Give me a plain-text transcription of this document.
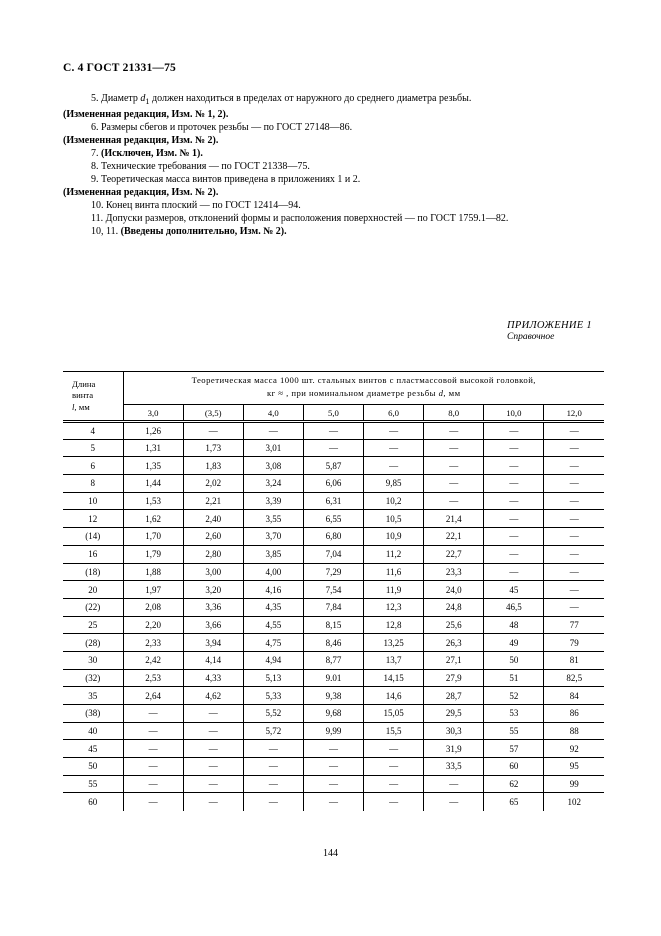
С. 4 ГОСТ 21331—75
5. Диаметр $d_1$ должен находиться в пределах от наружного до среднего диаметра резьбы.
(Измененная редакция, Изм. № 1, 2).
6. Размеры сбегов и проточек резьбы — по ГОСТ 27148—86.
(Измененная редакция, Изм. № 2).
7. (Исключен, Изм. № 1).
8. Технические требования — по ГОСТ 21338—75.
9. Теоретическая масса винтов приведена в приложениях 1 и 2.
(Измененная редакция, Изм. № 2).
10. Конец винта плоский — по ГОСТ 12414—94.
11. Допуски размеров, отклонений формы и расположения поверхностей — по ГОСТ 1759.1—82.
10, 11. (Введены дополнительно, Изм. № 2).
ПРИЛОЖЕНИЕ 1
Справочное
Длина
винта
l, мм

Теоретическая масса 1000 шт. стальных винтов с пластмассовой высокой головкой,
кг ≈ , при номинальном диаметре резьбы d, мм

	3,0	(3,5)	4,0	5,0	6,0	8,0	10,0	12,0
4	1,26	—	—	—	—	—	—	—
5	1,31	1,73	3,01	—	—	—	—	—
6	1,35	1,83	3,08	5,87	—	—	—	—
8	1,44	2,02	3,24	6,06	9,85	—	—	—
10	1,53	2,21	3,39	6,31	10,2	—	—	—
12	1,62	2,40	3,55	6,55	10,5	21,4	—	—
(14)	1,70	2,60	3,70	6,80	10,9	22,1	—	—
16	1,79	2,80	3,85	7,04	11,2	22,7	—	—
(18)	1,88	3,00	4,00	7,29	11,6	23,3	—	—
20	1,97	3,20	4,16	7,54	11,9	24,0	45	—
(22)	2,08	3,36	4,35	7,84	12,3	24,8	46,5	—
25	2,20	3,66	4,55	8,15	12,8	25,6	48	77
(28)	2,33	3,94	4,75	8,46	13,25	26,3	49	79
30	2,42	4,14	4,94	8,77	13,7	27,1	50	81
(32)	2,53	4,33	5,13	9.01	14,15	27,9	51	82,5
35	2,64	4,62	5,33	9,38	14,6	28,7	52	84
(38)	—	—	5,52	9,68	15,05	29,5	53	86
40	—	—	5,72	9,99	15,5	30,3	55	88
45	—	—	—	—	—	31,9	57	92
50	—	—	—	—	—	33,5	60	95
55	—	—	—	—	—	—	62	99
60	—	—	—	—	—	—	65	102
144
